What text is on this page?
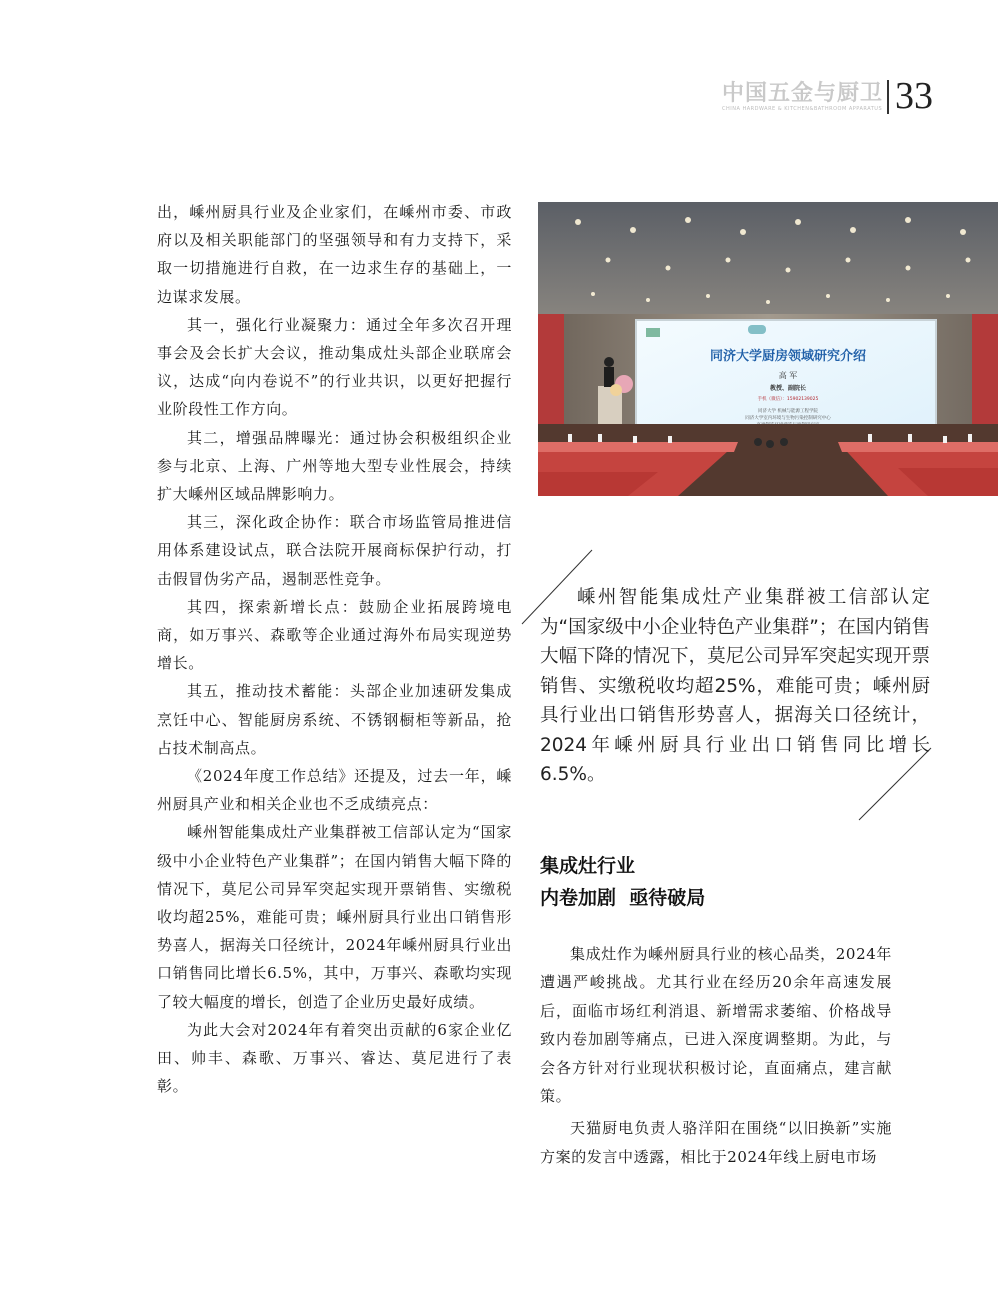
中国五金与厨卫
CHINA HARDWARE & KITCHEN&BATHROOM APPARATUS 33

出，嵊州厨具行业及企业家们，在嵊州市委、市政府以及相关职能部门的坚强领导和有力支持下，采取一切措施进行自救，在一边求生存的基础上，一边谋求发展。

其一，强化行业凝聚力：通过全年多次召开理事会及会长扩大会议，推动集成灶头部企业联席会议，达成“向内卷说不”的行业共识，以更好把握行业阶段性工作方向。

其二，增强品牌曝光：通过协会积极组织企业参与北京、上海、广州等地大型专业性展会，持续扩大嵊州区域品牌影响力。

其三，深化政企协作：联合市场监管局推进信用体系建设试点，联合法院开展商标保护行动，打击假冒伪劣产品，遏制恶性竞争。

其四，探索新增长点：鼓励企业拓展跨境电商，如万事兴、森歌等企业通过海外布局实现逆势增长。

其五，推动技术蓄能：头部企业加速研发集成烹饪中心、智能厨房系统、不锈钢橱柜等新品，抢占技术制高点。

《2024年度工作总结》还提及，过去一年，嵊州厨具产业和相关企业也不乏成绩亮点：

嵊州智能集成灶产业集群被工信部认定为“国家级中小企业特色产业集群”；在国内销售大幅下降的情况下，莫尼公司异军突起实现开票销售、实缴税收均超25%，难能可贵；嵊州厨具行业出口销售形势喜人，据海关口径统计，2024年嵊州厨具行业出口销售同比增长6.5%，其中，万事兴、森歌均实现了较大幅度的增长，创造了企业历史最好成绩。

为此大会对2024年有着突出贡献的6家企业亿田、帅丰、森歌、万事兴、睿达、莫尼进行了表彰。

同济大学厨房领域研究介绍
高 军
教授、副院长
手机（微信）：15902139025
同济大学 机械与能源工程学院
同济大学室内环境与生物污染控制研究中心

嵊州智能集成灶产业集群被工信部认定为“国家级中小企业特色产业集群”；在国内销售大幅下降的情况下，莫尼公司异军突起实现开票销售、实缴税收均超25%，难能可贵；嵊州厨具行业出口销售形势喜人，据海关口径统计，2024年嵊州厨具行业出口销售同比增长6.5%。

集成灶行业
内卷加剧  亟待破局

集成灶作为嵊州厨具行业的核心品类，2024年遭遇严峻挑战。尤其行业在经历20余年高速发展后，面临市场红利消退、新增需求萎缩、价格战导致内卷加剧等痛点，已进入深度调整期。为此，与会各方针对行业现状积极讨论，直面痛点，建言献策。

天猫厨电负责人骆洋阳在围绕“以旧换新”实施方案的发言中透露，相比于2024年线上厨电市场
